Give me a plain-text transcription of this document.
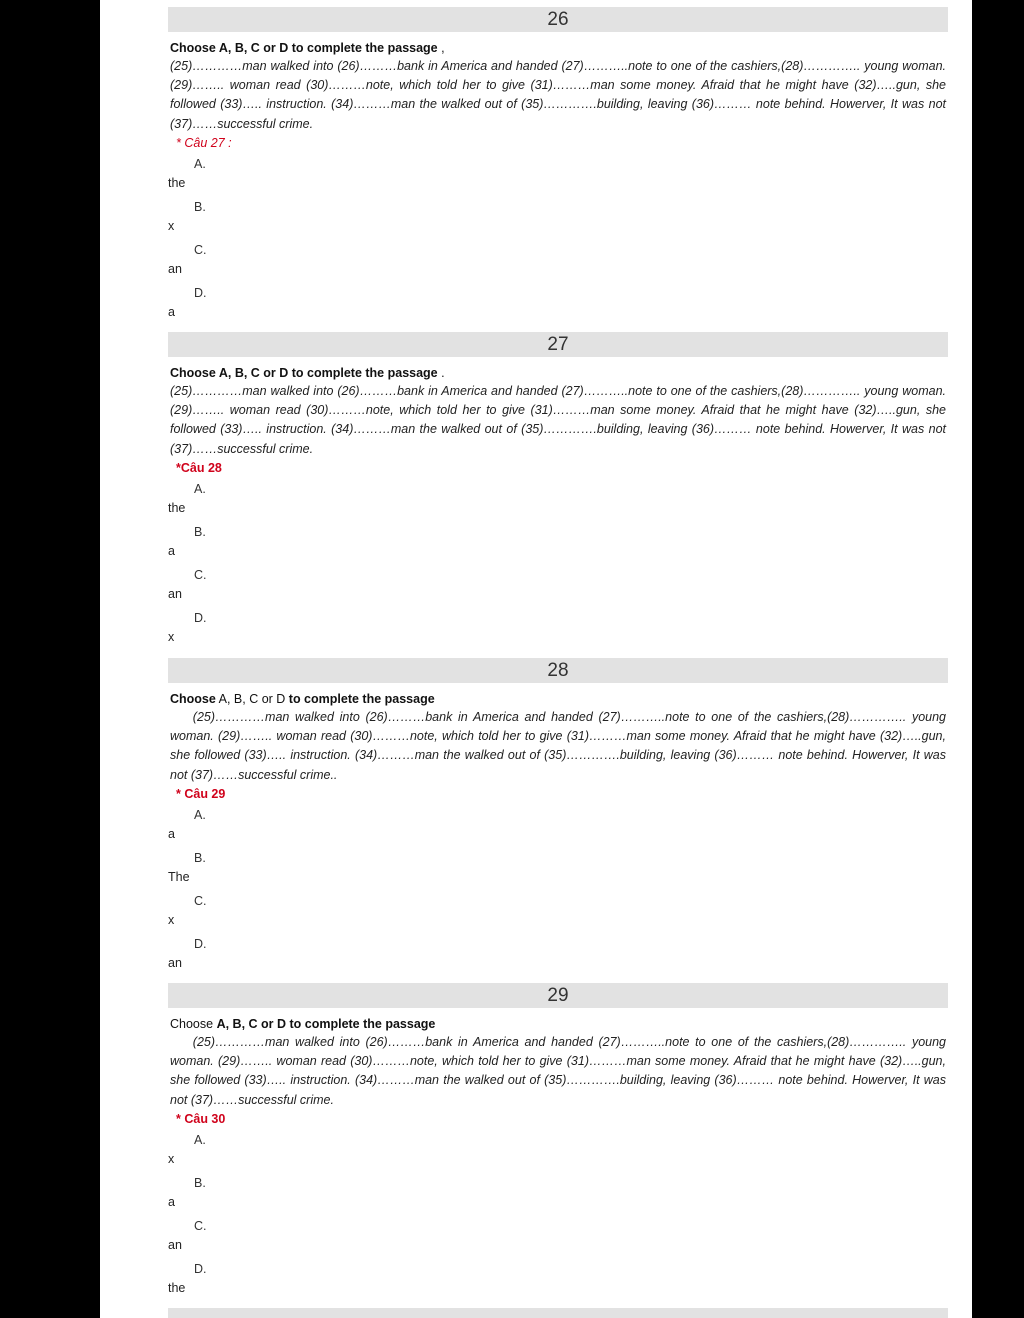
26
Choose A, B, C or D to complete the passage ,
(25)…………man walked into (26)………bank in America and handed (27)………..note to one of the cashiers,(28)………….. young woman. (29)…….. woman read (30)………note, which told her to give (31)………man some money. Afraid that he might have (32)…..gun, she followed (33)….. instruction. (34)………man the walked out of (35)………….building, leaving (36)……… note behind. Howerver, It was not (37)……successful crime.
* Câu 27 :
A.
the
B.
x
C.
an
D.
a
27
Choose A, B, C or D to complete the passage .
(25)…………man walked into (26)………bank in America and handed (27)………..note to one of the cashiers,(28)………….. young woman. (29)…….. woman read (30)………note, which told her to give (31)………man some money. Afraid that he might have (32)…..gun, she followed (33)….. instruction. (34)………man the walked out of (35)………….building, leaving (36)……… note behind. Howerver, It was not (37)……successful crime.
*Câu 28
A.
the
B.
a
C.
an
D.
x
28
Choose A, B, C or D to complete the passage
(25)…………man walked into (26)………bank in America and handed (27)………..note to one of the cashiers,(28)………….. young woman. (29)…….. woman read (30)………note, which told her to give (31)………man some money. Afraid that he might have (32)…..gun, she followed (33)….. instruction. (34)………man the walked out of (35)………….building, leaving (36)……… note behind. Howerver, It was not (37)……successful crime..
* Câu 29
A.
a
B.
The
C.
x
D.
an
29
Choose A, B, C or D to complete the passage
(25)…………man walked into (26)………bank in America and handed (27)………..note to one of the cashiers,(28)………….. young woman. (29)…….. woman read (30)………note, which told her to give (31)………man some money. Afraid that he might have (32)…..gun, she followed (33)….. instruction. (34)………man the walked out of (35)………….building, leaving (36)……… note behind. Howerver, It was not (37)……successful crime.
* Câu 30
A.
x
B.
a
C.
an
D.
the
